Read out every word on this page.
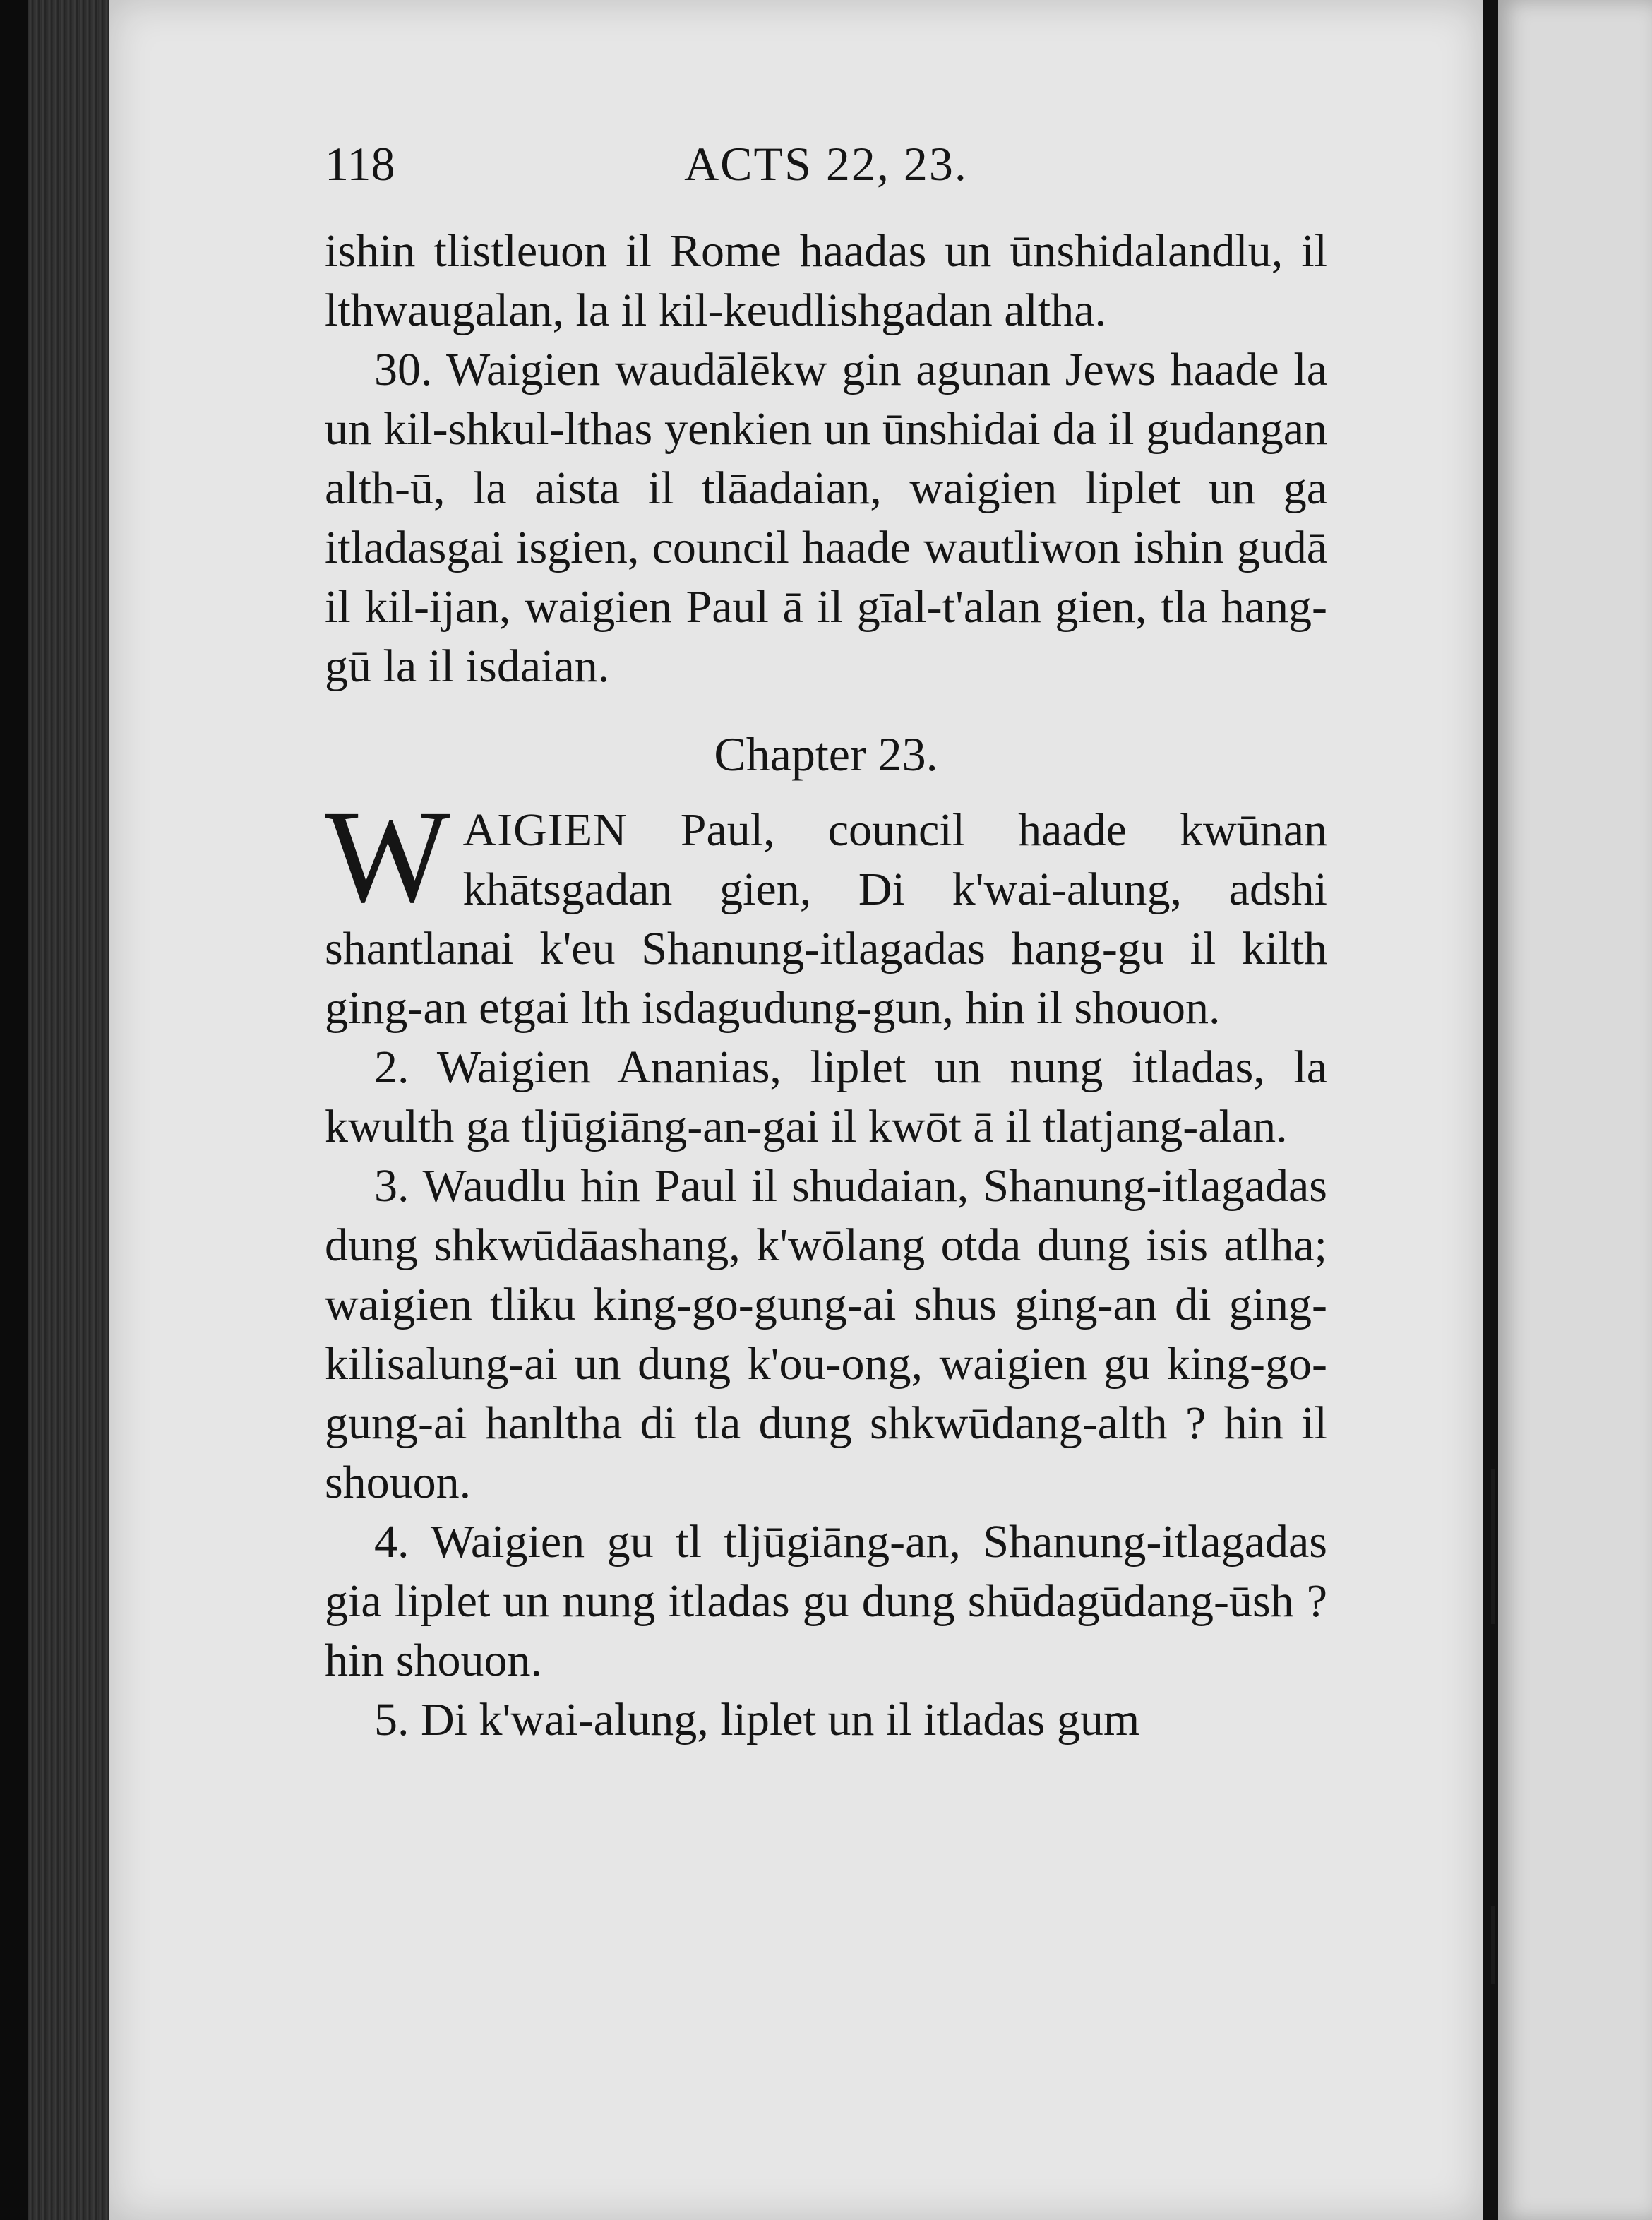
118	ACTS 22, 23.

ishin tlistleuon il Rome haadas un ūnshidalandlu, il lthwaugalan, la il kil-keudlishgadan altha.

30. Waigien waudālēkw gin agunan Jews haade la un kil-shkul-lthas yenkien un ūnshidai da il gudangan alth-ū, la aista il tlāadaian, waigien liplet un ga itladasgai isgien, council haade wautliwon ishin gudā il kil-ijan, waigien Paul ā il gīal-t'alan gien, tla hang-gū la il isdaian.

Chapter 23.

WAIGIEN Paul, council haade kwūnan khātsgadan gien, Di k'wai-alung, adshi shantlanai k'eu Shanung-itlagadas hang-gu il kilth ging-an etgai lth isdagudung-gun, hin il shouon.

2. Waigien Ananias, liplet un nung itladas, la kwulth ga tljūgiāng-an-gai il kwōt ā il tlatjang-alan.

3. Waudlu hin Paul il shudaian, Shanung-itlagadas dung shkwūdāashang, k'wōlang otda dung isis atlha; waigien tliku king-go-gung-ai shus ging-an di ging-kilisalung-ai un dung k'ou-ong, waigien gu king-go-gung-ai hanltha di tla dung shkwūdang-alth ? hin il shouon.

4. Waigien gu tl tljūgiāng-an, Shanung-itlagadas gia liplet un nung itladas gu dung shūdagūdang-ūsh ? hin shouon.

5. Di k'wai-alung, liplet un il itladas gum
